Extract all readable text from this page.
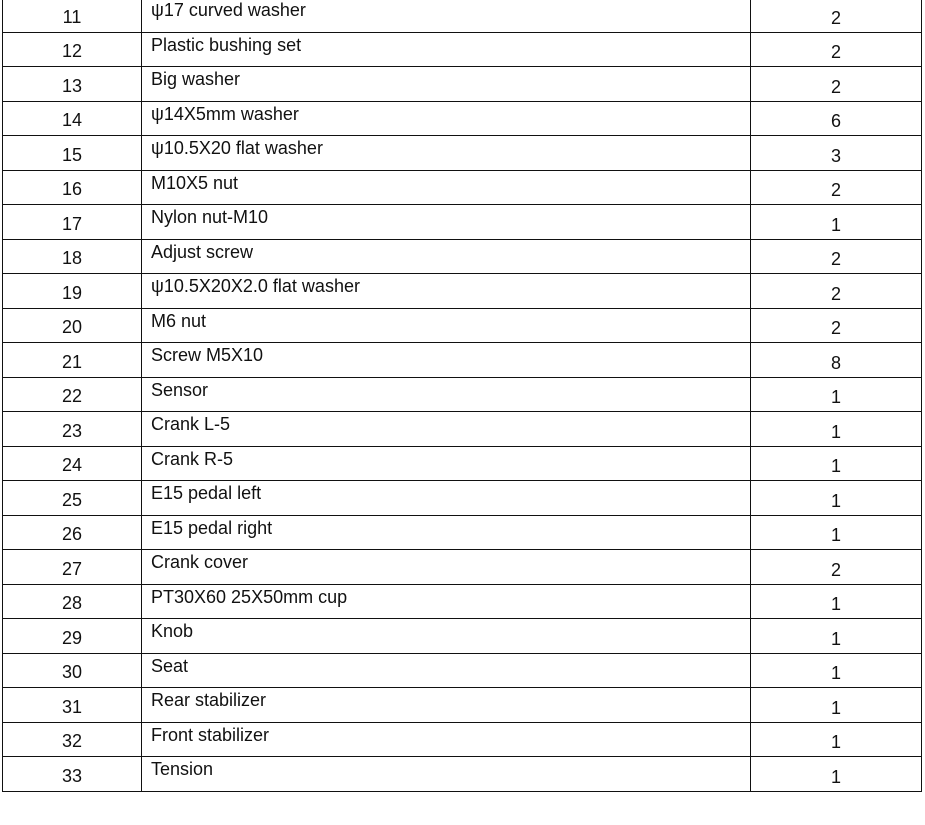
11	ψ17 curved washer	2
12	Plastic bushing set	2
13	Big washer	2
14	ψ14X5mm washer	6
15	ψ10.5X20 flat washer	3
16	M10X5 nut	2
17	Nylon nut-M10	1
18	Adjust screw	2
19	ψ10.5X20X2.0 flat washer	2
20	M6 nut	2
21	Screw M5X10	8
22	Sensor	1
23	Crank L-5	1
24	Crank R-5	1
25	E15 pedal left	1
26	E15 pedal right	1
27	Crank cover	2
28	PT30X60 25X50mm cup	1
29	Knob	1
30	Seat	1
31	Rear stabilizer	1
32	Front stabilizer	1
33	Tension	1
